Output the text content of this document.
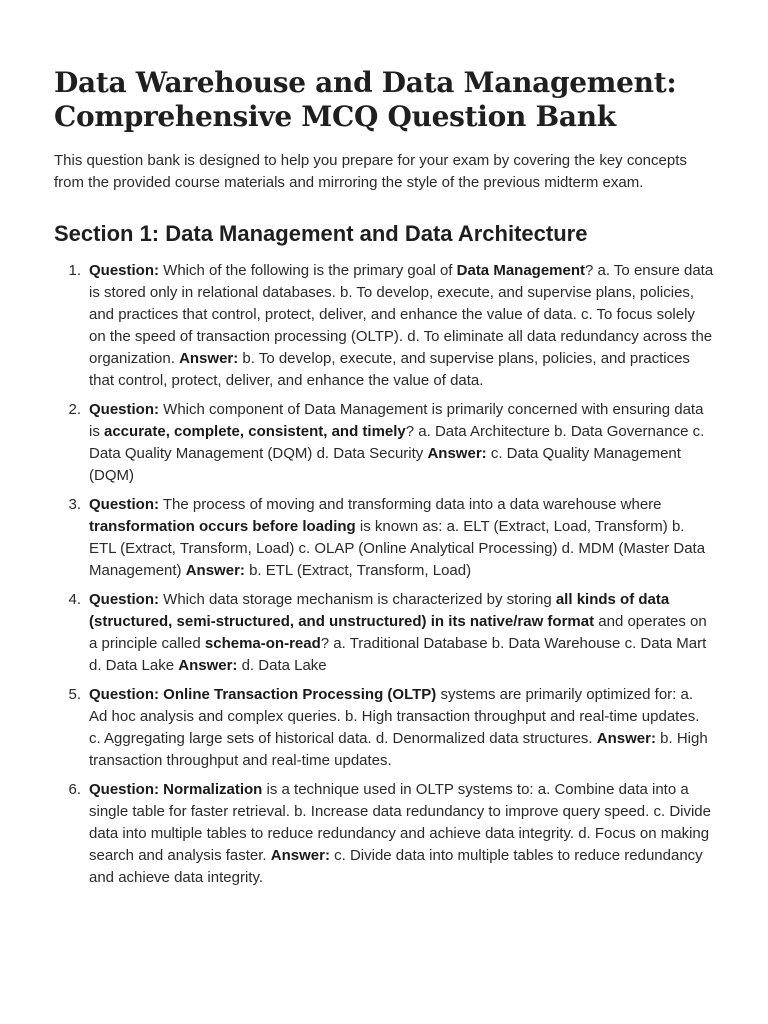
Data Warehouse and Data Management:
Comprehensive MCQ Question Bank

This question bank is designed to help you prepare for your exam by covering the key concepts from the provided course materials and mirroring the style of the previous midterm exam.

Section 1: Data Management and Data Architecture
1. Question: Which of the following is the primary goal of Data Management? a. To ensure data is stored only in relational databases. b. To develop, execute, and supervise plans, policies, and practices that control, protect, deliver, and enhance the value of data. c. To focus solely on the speed of transaction processing (OLTP). d. To eliminate all data redundancy across the organization. Answer: b. To develop, execute, and supervise plans, policies, and practices that control, protect, deliver, and enhance the value of data.
2. Question: Which component of Data Management is primarily concerned with ensuring data is accurate, complete, consistent, and timely? a. Data Architecture b. Data Governance c. Data Quality Management (DQM) d. Data Security Answer: c. Data Quality Management (DQM)
3. Question: The process of moving and transforming data into a data warehouse where transformation occurs before loading is known as: a. ELT (Extract, Load, Transform) b. ETL (Extract, Transform, Load) c. OLAP (Online Analytical Processing) d. MDM (Master Data Management) Answer: b. ETL (Extract, Transform, Load)
4. Question: Which data storage mechanism is characterized by storing all kinds of data (structured, semi-structured, and unstructured) in its native/raw format and operates on a principle called schema-on-read? a. Traditional Database b. Data Warehouse c. Data Mart d. Data Lake Answer: d. Data Lake
5. Question: Online Transaction Processing (OLTP) systems are primarily optimized for: a. Ad hoc analysis and complex queries. b. High transaction throughput and real-time updates. c. Aggregating large sets of historical data. d. Denormalized data structures. Answer: b. High transaction throughput and real-time updates.
6. Question: Normalization is a technique used in OLTP systems to: a. Combine data into a single table for faster retrieval. b. Increase data redundancy to improve query speed. c. Divide data into multiple tables to reduce redundancy and achieve data integrity. d. Focus on making search and analysis faster. Answer: c. Divide data into multiple tables to reduce redundancy and achieve data integrity.
